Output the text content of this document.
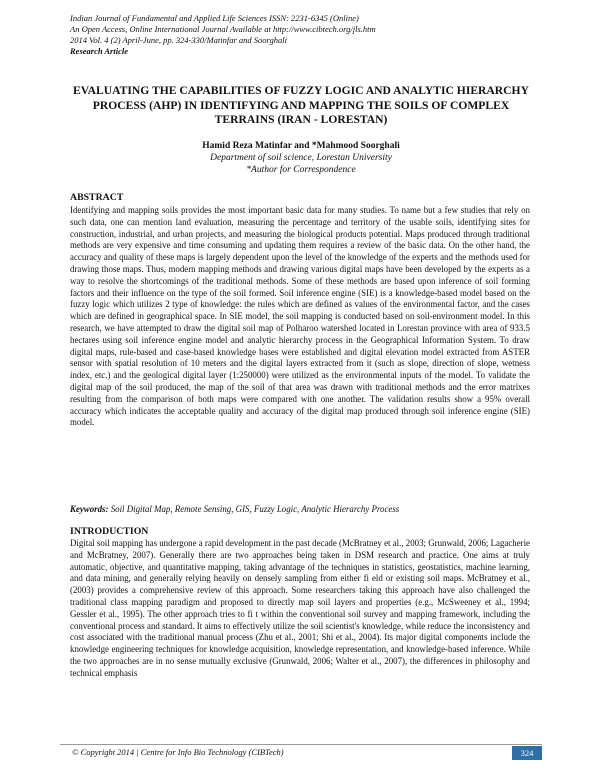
Indian Journal of Fundamental and Applied Life Sciences ISSN: 2231-6345 (Online)
An Open Access, Online International Journal Available at http://www.cibtech.org/jls.htm
2014 Vol. 4 (2) April-June, pp. 324-330/Matinfar and Soorghali
Research Article
EVALUATING THE CAPABILITIES OF FUZZY LOGIC AND ANALYTIC HIERARCHY PROCESS (AHP) IN IDENTIFYING AND MAPPING THE SOILS OF COMPLEX TERRAINS (IRAN - LORESTAN)
Hamid Reza Matinfar and *Mahmood Soorghali
Department of soil science, Lorestan University
*Author for Correspondence
ABSTRACT

Identifying and mapping soils provides the most important basic data for many studies. To name but a few studies that rely on such data, one can mention land evaluation, measuring the percentage and territory of the usable soils, identifying sites for construction, industrial, and urban projects, and measuring the biological products potential. Maps produced through traditional methods are very expensive and time consuming and updating them requires a review of the basic data. On the other hand, the accuracy and quality of these maps is largely dependent upon the level of the knowledge of the experts and the methods used for drawing those maps. Thus, modern mapping methods and drawing various digital maps have been developed by the experts as a way to resolve the shortcomings of the traditional methods. Some of these methods are based upon inference of soil forming factors and their influence on the type of the soil formed. Soil inference engine (SIE) is a knowledge-based model based on the fuzzy logic which utilizes 2 type of knowledge: the rules which are defined as values of the environmental factor, and the cases which are defined in geographical space. In SIE model, the soil mapping is conducted based on soil-environment model. In this research, we have attempted to draw the digital soil map of Polharoo watershed located in Lorestan province with area of 933.5 hectares using soil inference engine model and analytic hierarchy process in the Geographical Information System. To draw digital maps, rule-based and case-based knowledge bases were established and digital elevation model extracted from ASTER sensor with spatial resolution of 10 meters and the digital layers extracted from it (such as slope, direction of slope, wetness index, etc.) and the geological digital layer (1:250000) were utilized as the environmental inputs of the model. To validate the digital map of the soil produced, the map of the soil of that area was drawn with traditional methods and the error matrixes resulting from the comparison of both maps were compared with one another. The validation results show a 95% overall accuracy which indicates the acceptable quality and accuracy of the digital map produced through soil inference engine (SIE) model.

Keywords: Soil Digital Map, Remote Sensing, GIS, Fuzzy Logic, Analytic Hierarchy Process
INTRODUCTION

Digital soil mapping has undergone a rapid development in the past decade (McBratney et al., 2003; Grunwald, 2006; Lagacherie and McBratney, 2007). Generally there are two approaches being taken in DSM research and practice. One aims at truly automatic, objective, and quantitative mapping, taking advantage of the techniques in statistics, geostatistics, machine learning, and data mining, and generally relying heavily on densely sampling from either fi eld or existing soil maps. McBratney et al., (2003) provides a comprehensive review of this approach. Some researchers taking this approach have also challenged the traditional class mapping paradigm and proposed to directly map soil layers and properties (e.g., McSweeney et al., 1994; Gessler et al., 1995). The other approach tries to fi t within the conventional soil survey and mapping framework, including the conventional process and standard. It aims to effectively utilize the soil scientist's knowledge, while reduce the inconsistency and cost associated with the traditional manual process (Zhu et al., 2001; Shi et al., 2004). Its major digital components include the knowledge engineering techniques for knowledge acquisition, knowledge representation, and knowledge-based inference. While the two approaches are in no sense mutually exclusive (Grunwald, 2006; Walter et al., 2007), the differences in philosophy and technical emphasis

© Copyright 2014 | Centre for Info Bio Technology (CIBTech)	324
